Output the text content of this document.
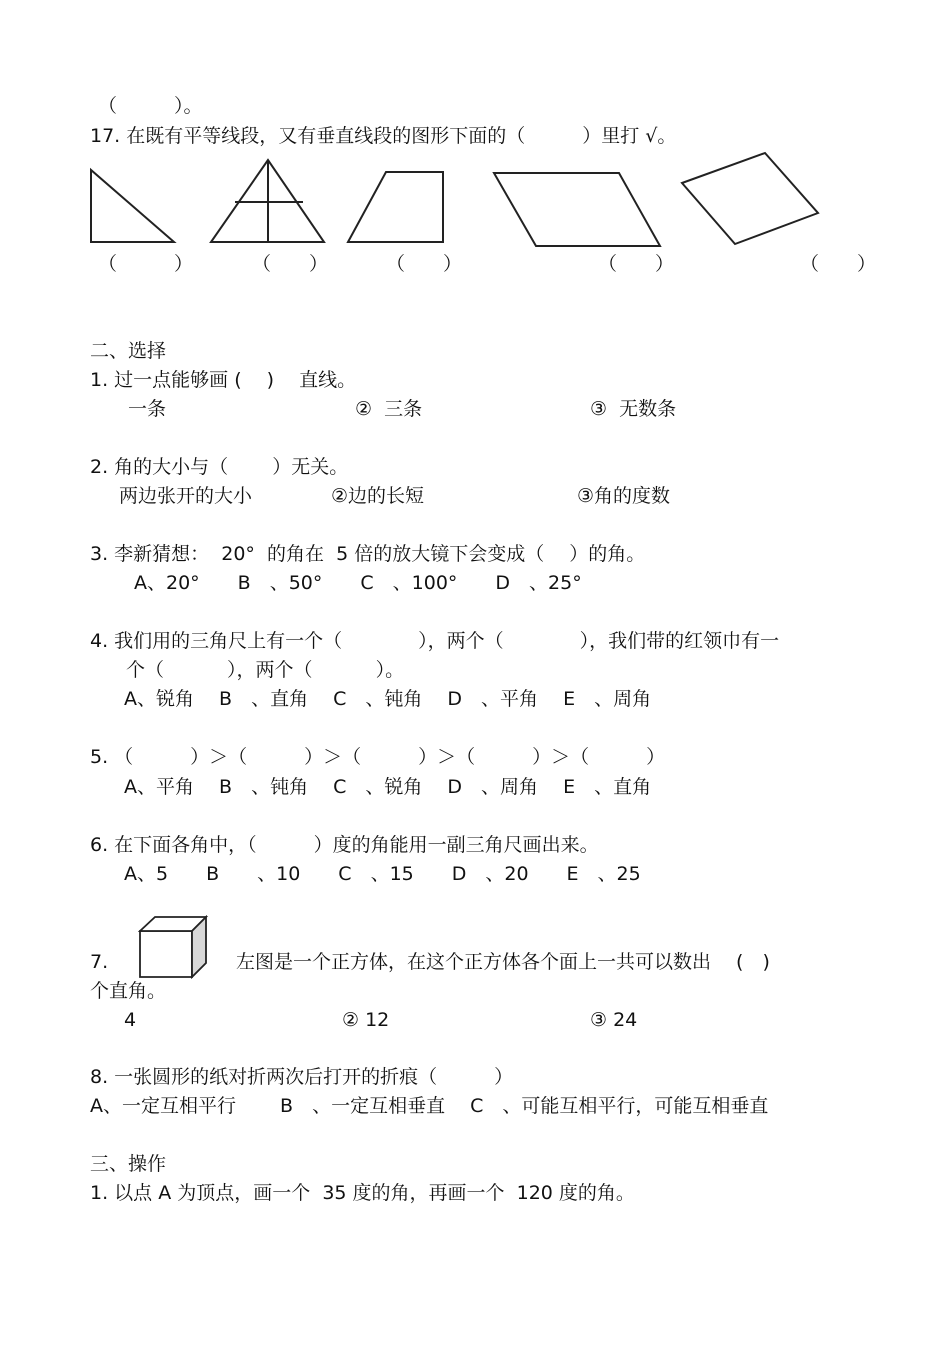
（　　　）。
17. 在既有平等线段，又有垂直线段的图形下面的（　　　）里打 √。
（　　　）	（　　）	（　　）	（　　）	（　　）
二、选择
1. 过一点能够画 (　 )　 直线。
一条	②  三条	③  无数条
2. 角的大小与（　　 ）无关。
两边张开的大小	②边的长短	③角的度数
3. 李新猜想：  20°  的角在  5 倍的放大镜下会变成（　 ）的角。
A、20°　　B　、50°　　C　、100°　　D　、25°
4. 我们用的三角尺上有一个（　　　　），两个（　　　　），我们带的红领巾有一
个（　　　 ），两个（　　　 ）。
A、锐角　 B　、直角　 C　、钝角　 D　、平角　 E　、周角
5. （　　　）＞（　　　）＞（　　　）＞（　　　）＞（　　　）
A、平角　 B　、钝角　 C　、锐角　 D　、周角　 E　、直角
6. 在下面各角中，（　　　）度的角能用一副三角尺画出来。
A、5　　B　　、10　　C　、15　　D　、20　　E　、25
7.	左图是一个正方体，在这个正方体各个面上一共可以数出　 (　)
个直角。
4	② 12	③ 24
8. 一张圆形的纸对折两次后打开的折痕（　　　）
A、一定互相平行　　 B　、一定互相垂直　 C　、可能互相平行，可能互相垂直
三、操作
1. 以点 A 为顶点，画一个  35 度的角，再画一个  120 度的角。
